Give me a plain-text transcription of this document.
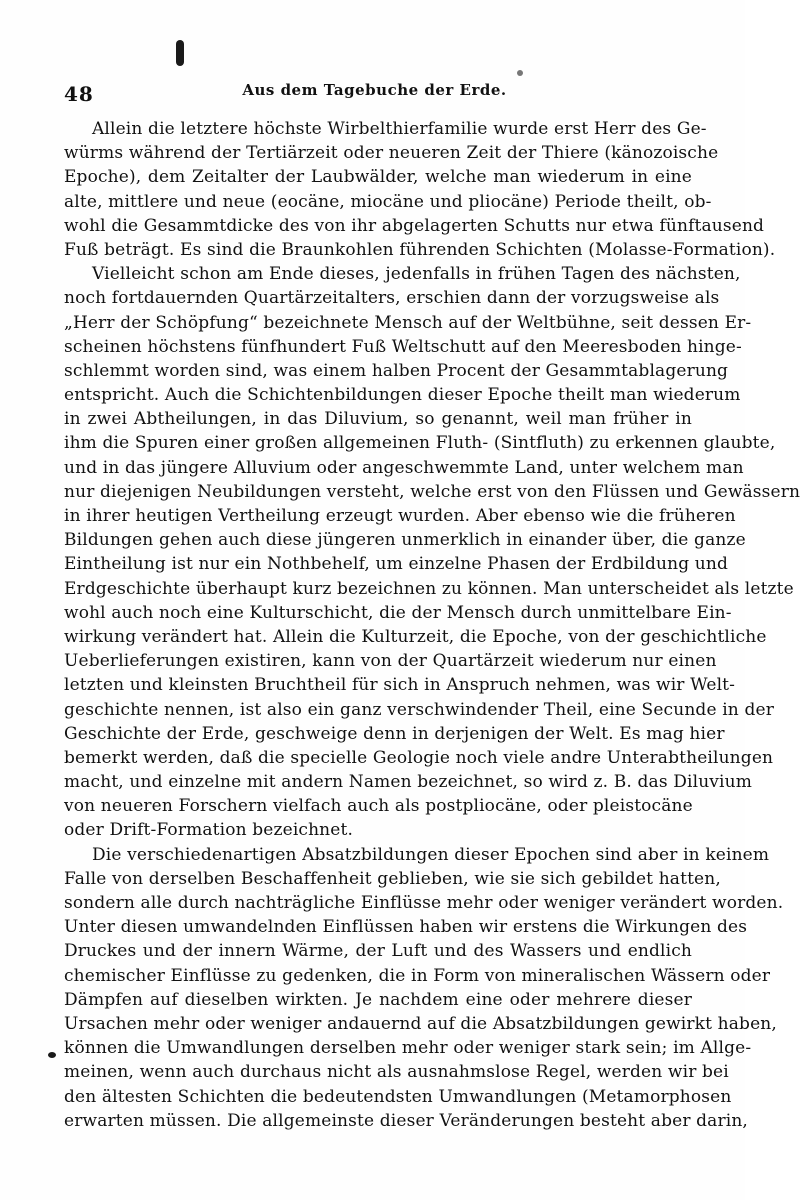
48	Aus dem Tagebuche der Erde.
Allein die letztere höchste Wirbelthierfamilie wurde erst Herr des Ge-
würms während der Tertiärzeit oder neueren Zeit der Thiere (känozoische
Epoche), dem Zeitalter der Laubwälder, welche man wiederum in eine
alte, mittlere und neue (eocäne, miocäne und pliocäne) Periode theilt, ob-
wohl die Gesammtdicke des von ihr abgelagerten Schutts nur etwa fünftausend
Fuß beträgt. Es sind die Braunkohlen führenden Schichten (Molasse-Formation).
Vielleicht schon am Ende dieses, jedenfalls in frühen Tagen des nächsten,
noch fortdauernden Quartärzeitalters, erschien dann der vorzugsweise als
„Herr der Schöpfung“ bezeichnete Mensch auf der Weltbühne, seit dessen Er-
scheinen höchstens fünfhundert Fuß Weltschutt auf den Meeresboden hinge-
schlemmt worden sind, was einem halben Procent der Gesammtablagerung
entspricht. Auch die Schichtenbildungen dieser Epoche theilt man wiederum
in zwei Abtheilungen, in das Diluvium, so genannt, weil man früher in
ihm die Spuren einer großen allgemeinen Fluth- (Sintfluth) zu erkennen glaubte,
und in das jüngere Alluvium oder angeschwemmte Land, unter welchem man
nur diejenigen Neubildungen versteht, welche erst von den Flüssen und Gewässern
in ihrer heutigen Vertheilung erzeugt wurden. Aber ebenso wie die früheren
Bildungen gehen auch diese jüngeren unmerklich in einander über, die ganze
Eintheilung ist nur ein Nothbehelf, um einzelne Phasen der Erdbildung und
Erdgeschichte überhaupt kurz bezeichnen zu können. Man unterscheidet als letzte
wohl auch noch eine Kulturschicht, die der Mensch durch unmittelbare Ein-
wirkung verändert hat. Allein die Kulturzeit, die Epoche, von der geschichtliche
Ueberlieferungen existiren, kann von der Quartärzeit wiederum nur einen
letzten und kleinsten Bruchtheil für sich in Anspruch nehmen, was wir Welt-
geschichte nennen, ist also ein ganz verschwindender Theil, eine Secunde in der
Geschichte der Erde, geschweige denn in derjenigen der Welt. Es mag hier
bemerkt werden, daß die specielle Geologie noch viele andre Unterabtheilungen
macht, und einzelne mit andern Namen bezeichnet, so wird z. B. das Diluvium
von neueren Forschern vielfach auch als postpliocäne, oder pleistocäne
oder Drift-Formation bezeichnet.
Die verschiedenartigen Absatzbildungen dieser Epochen sind aber in keinem
Falle von derselben Beschaffenheit geblieben, wie sie sich gebildet hatten,
sondern alle durch nachträgliche Einflüsse mehr oder weniger verändert worden.
Unter diesen umwandelnden Einflüssen haben wir erstens die Wirkungen des
Druckes und der innern Wärme, der Luft und des Wassers und endlich
chemischer Einflüsse zu gedenken, die in Form von mineralischen Wässern oder
Dämpfen auf dieselben wirkten. Je nachdem eine oder mehrere dieser
Ursachen mehr oder weniger andauernd auf die Absatzbildungen gewirkt haben,
können die Umwandlungen derselben mehr oder weniger stark sein; im Allge-
meinen, wenn auch durchaus nicht als ausnahmslose Regel, werden wir bei
den ältesten Schichten die bedeutendsten Umwandlungen (Metamorphosen
erwarten müssen. Die allgemeinste dieser Veränderungen besteht aber darin,
